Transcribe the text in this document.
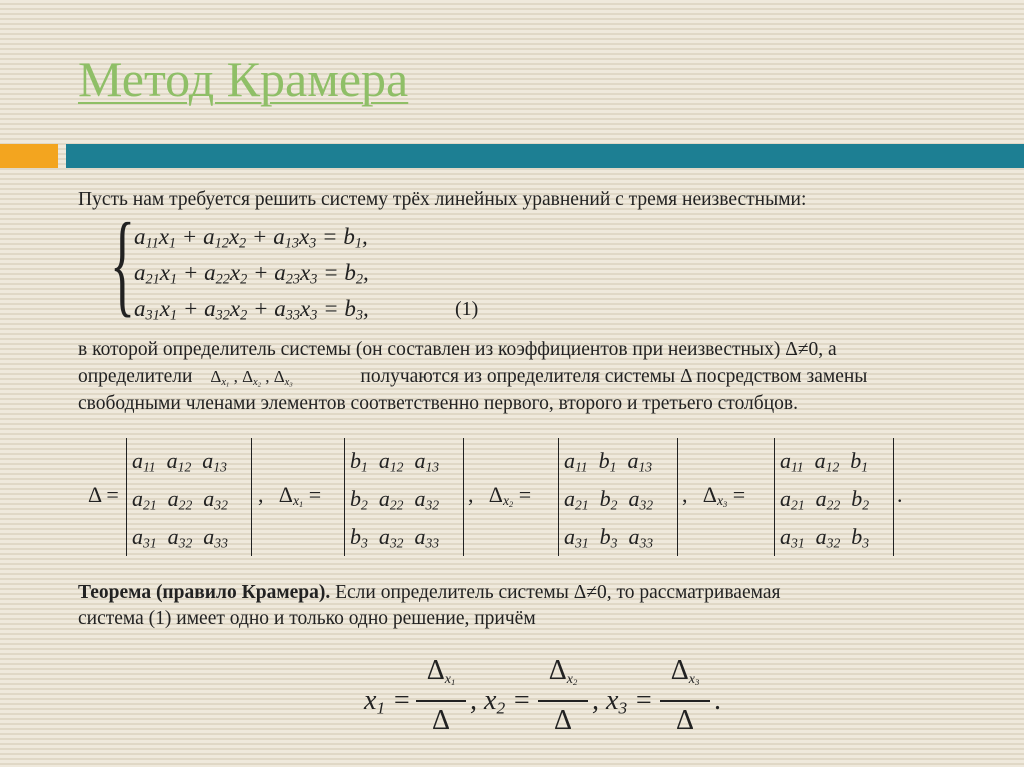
Метод Крамера

Пусть нам требуется решить систему трёх линейных уравнений с тремя неизвестными:

{
$a_{11}x_1 + a_{12}x_2 + a_{13}x_3 = b_1$,
$a_{21}x_1 + a_{22}x_2 + a_{23}x_3 = b_2$,
$a_{31}x_1 + a_{32}x_2 + a_{33}x_3 = b_3$,	(1)

в которой определитель системы (он составлен из коэффициентов при неизвестных) Δ≠0, а

определители $\Delta_{x_1}$ , $\Delta_{x_2}$ , $\Delta_{x_3}$	получаются из определителя системы Δ посредством замены

свободными членами элементов соответственно первого, второго и третьего столбцов.

Δ =
$a_{11}$  $a_{12}$  $a_{13}$
$a_{21}$  $a_{22}$  $a_{32}$
$a_{31}$  $a_{32}$  $a_{33}$
,   $\Delta_{x_1}$ =
$b_1$  $a_{12}$  $a_{13}$
$b_2$  $a_{22}$  $a_{32}$
$b_3$  $a_{32}$  $a_{33}$
,   $\Delta_{x_2}$ =
$a_{11}$  $b_1$  $a_{13}$
$a_{21}$  $b_2$  $a_{32}$
$a_{31}$  $b_3$  $a_{33}$
,   $\Delta_{x_3}$ =
$a_{11}$  $a_{12}$  $b_1$
$a_{21}$  $a_{22}$  $b_2$
$a_{31}$  $a_{32}$  $b_3$
.

Теорема (правило Крамера). Если определитель системы Δ≠0, то рассматриваемая

система (1) имеет одно и только одно решение, причём

$x_1$ =
$\Delta_{x_1}$
Δ
, $x_2$ =
$\Delta_{x_2}$
Δ
, $x_3$ =
$\Delta_{x_3}$
Δ
.
